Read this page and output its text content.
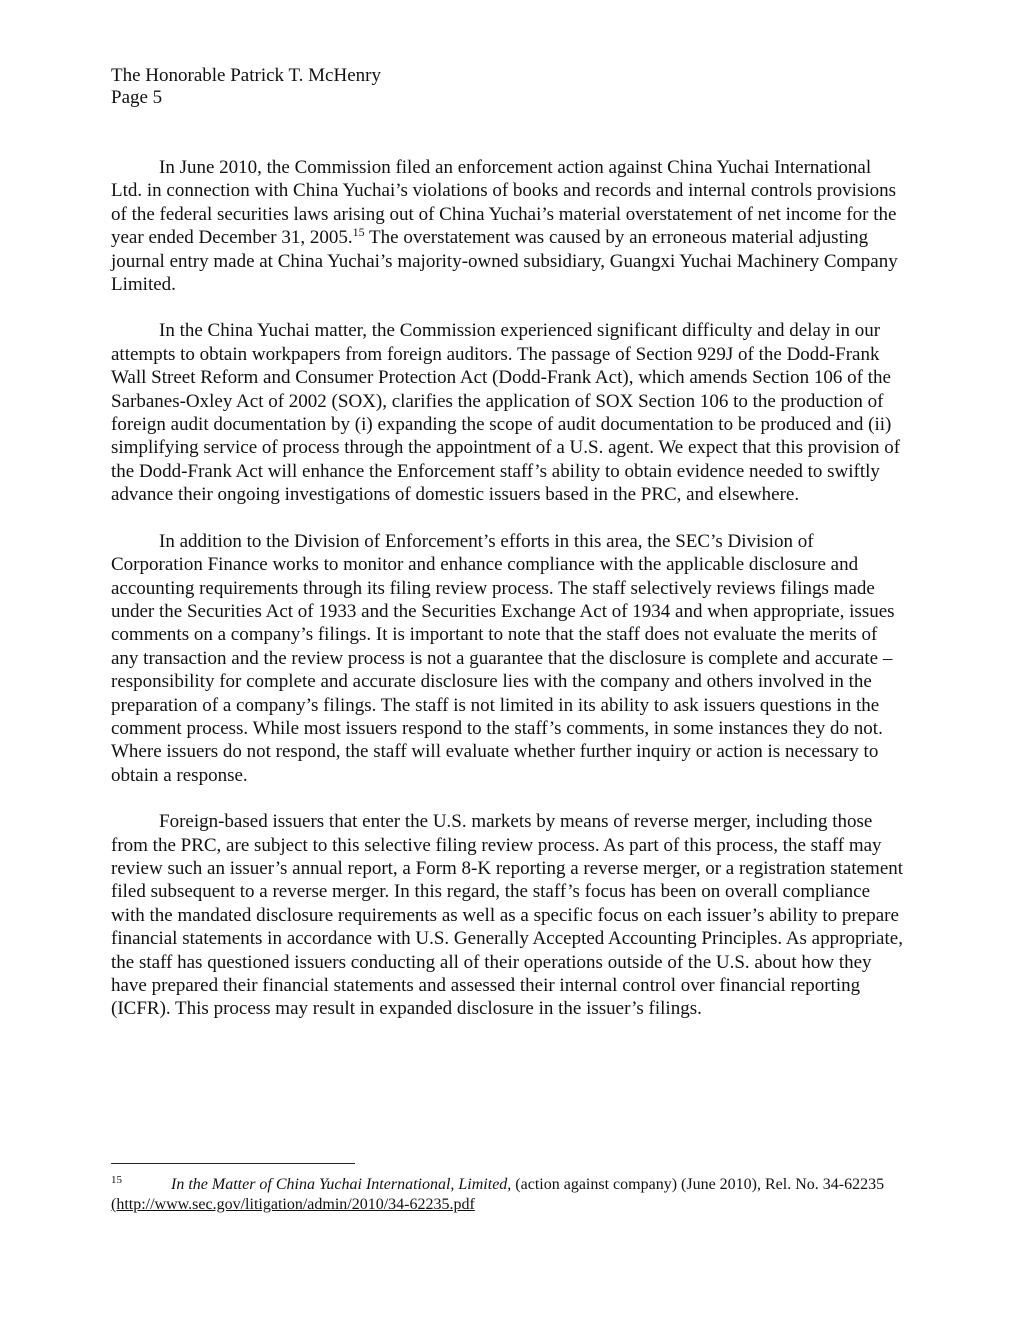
The Honorable Patrick T. McHenry
Page 5

In June 2010, the Commission filed an enforcement action against China Yuchai International Ltd. in connection with China Yuchai’s violations of books and records and internal controls provisions of the federal securities laws arising out of China Yuchai’s material overstatement of net income for the year ended December 31, 2005.15 The overstatement was caused by an erroneous material adjusting journal entry made at China Yuchai’s majority-owned subsidiary, Guangxi Yuchai Machinery Company Limited.

In the China Yuchai matter, the Commission experienced significant difficulty and delay in our attempts to obtain workpapers from foreign auditors. The passage of Section 929J of the Dodd-Frank Wall Street Reform and Consumer Protection Act (Dodd-Frank Act), which amends Section 106 of the Sarbanes-Oxley Act of 2002 (SOX), clarifies the application of SOX Section 106 to the production of foreign audit documentation by (i) expanding the scope of audit documentation to be produced and (ii) simplifying service of process through the appointment of a U.S. agent. We expect that this provision of the Dodd-Frank Act will enhance the Enforcement staff’s ability to obtain evidence needed to swiftly advance their ongoing investigations of domestic issuers based in the PRC, and elsewhere.

In addition to the Division of Enforcement’s efforts in this area, the SEC’s Division of Corporation Finance works to monitor and enhance compliance with the applicable disclosure and accounting requirements through its filing review process. The staff selectively reviews filings made under the Securities Act of 1933 and the Securities Exchange Act of 1934 and when appropriate, issues comments on a company’s filings. It is important to note that the staff does not evaluate the merits of any transaction and the review process is not a guarantee that the disclosure is complete and accurate – responsibility for complete and accurate disclosure lies with the company and others involved in the preparation of a company’s filings. The staff is not limited in its ability to ask issuers questions in the comment process. While most issuers respond to the staff’s comments, in some instances they do not. Where issuers do not respond, the staff will evaluate whether further inquiry or action is necessary to obtain a response.

Foreign-based issuers that enter the U.S. markets by means of reverse merger, including those from the PRC, are subject to this selective filing review process. As part of this process, the staff may review such an issuer’s annual report, a Form 8-K reporting a reverse merger, or a registration statement filed subsequent to a reverse merger. In this regard, the staff’s focus has been on overall compliance with the mandated disclosure requirements as well as a specific focus on each issuer’s ability to prepare financial statements in accordance with U.S. Generally Accepted Accounting Principles. As appropriate, the staff has questioned issuers conducting all of their operations outside of the U.S. about how they have prepared their financial statements and assessed their internal control over financial reporting (ICFR). This process may result in expanded disclosure in the issuer’s filings.

15	In the Matter of China Yuchai International, Limited, (action against company) (June 2010), Rel. No. 34-62235 (http://www.sec.gov/litigation/admin/2010/34-62235.pdf
